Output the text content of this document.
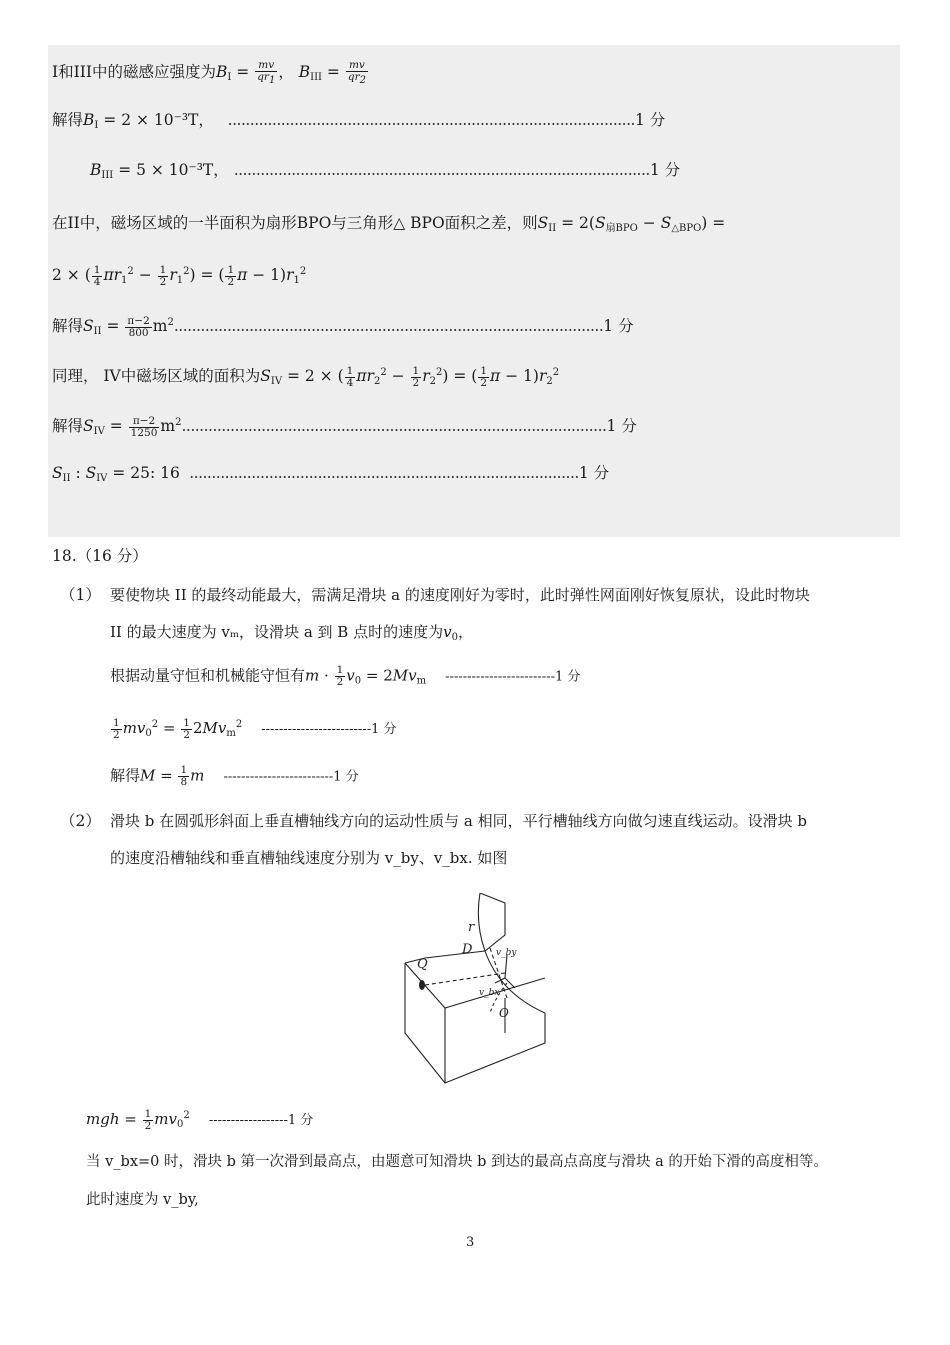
I和III中的磁感应强度为$B_I = \frac{mv}{qr_1}$ ， $B_{III} = \frac{mv}{qr_2}$
解得$B_I = 2 \times 10^{-3}T$，   ............................................................................................1 分
$B_{III} = 5 \times 10^{-3}T$， ..............................................................................................1 分
在II中，磁场区域的一半面积为扇形BPO与三角形△ BPO面积之差，则$S_{II} = 2(S_{扇BPO} - S_{\triangle BPO})$ =
2 × ( $\frac{1}{4} \pi r_1^2 - \frac{1}{2} r_1^2$) = ( $\frac{1}{2}$ $\pi - 1)r_1^2$
解得$S_{II} = \frac{\pi-2}{800} m^2.................................................................................................1$ 分
同理， IV中磁场区域的面积为$S_{IV} = 2$ × ( $\frac{1}{4} \pi r_2^2 - \frac{1}{2} r_2^2$) = ( $\frac{1}{2}$ $\pi - 1)r_2^2$
解得$S_{IV} = \frac{\pi-2}{1250} m^2................................................................................................1$ 分
$S_{II}$ : $S_{IV} = 25$: 16  ........................................................................................1 分
18.（16 分）
（1） 要使物块 II 的最终动能最大，需满足滑块 a 的速度刚好为零时，此时弹性网面刚好恢复原状，设此时物块
II 的最大速度为 vₘ，设滑块 a 到 B 点时的速度为$v_0$，
根据动量守恒和机械能守恒有$m \cdot \frac{1}{2} v_0 = 2Mv_m$ -------------------------1 分
$\frac{1}{2} mv_0^2 = \frac{1}{2} 2Mv_m^2$ -------------------------1 分
解得$M = \frac{1}{8}$ m -------------------------1 分
（2） 滑块 b 在圆弧形斜面上垂直槽轴线方向的运动性质与 a 相同，平行槽轴线方向做匀速直线运动。设滑块 b
的速度沿槽轴线和垂直槽轴线速度分别为 v_by、v_bx. 如图
r
D
Q
v_by
v_bx
O
mgh = $\frac{1}{2} mv_0^2$ ------------------1 分
当 v_bx=0 时，滑块 b 第一次滑到最高点，由题意可知滑块 b 到达的最高点高度与滑块 a 的开始下滑的高度相等。
此时速度为 v_by,
3
